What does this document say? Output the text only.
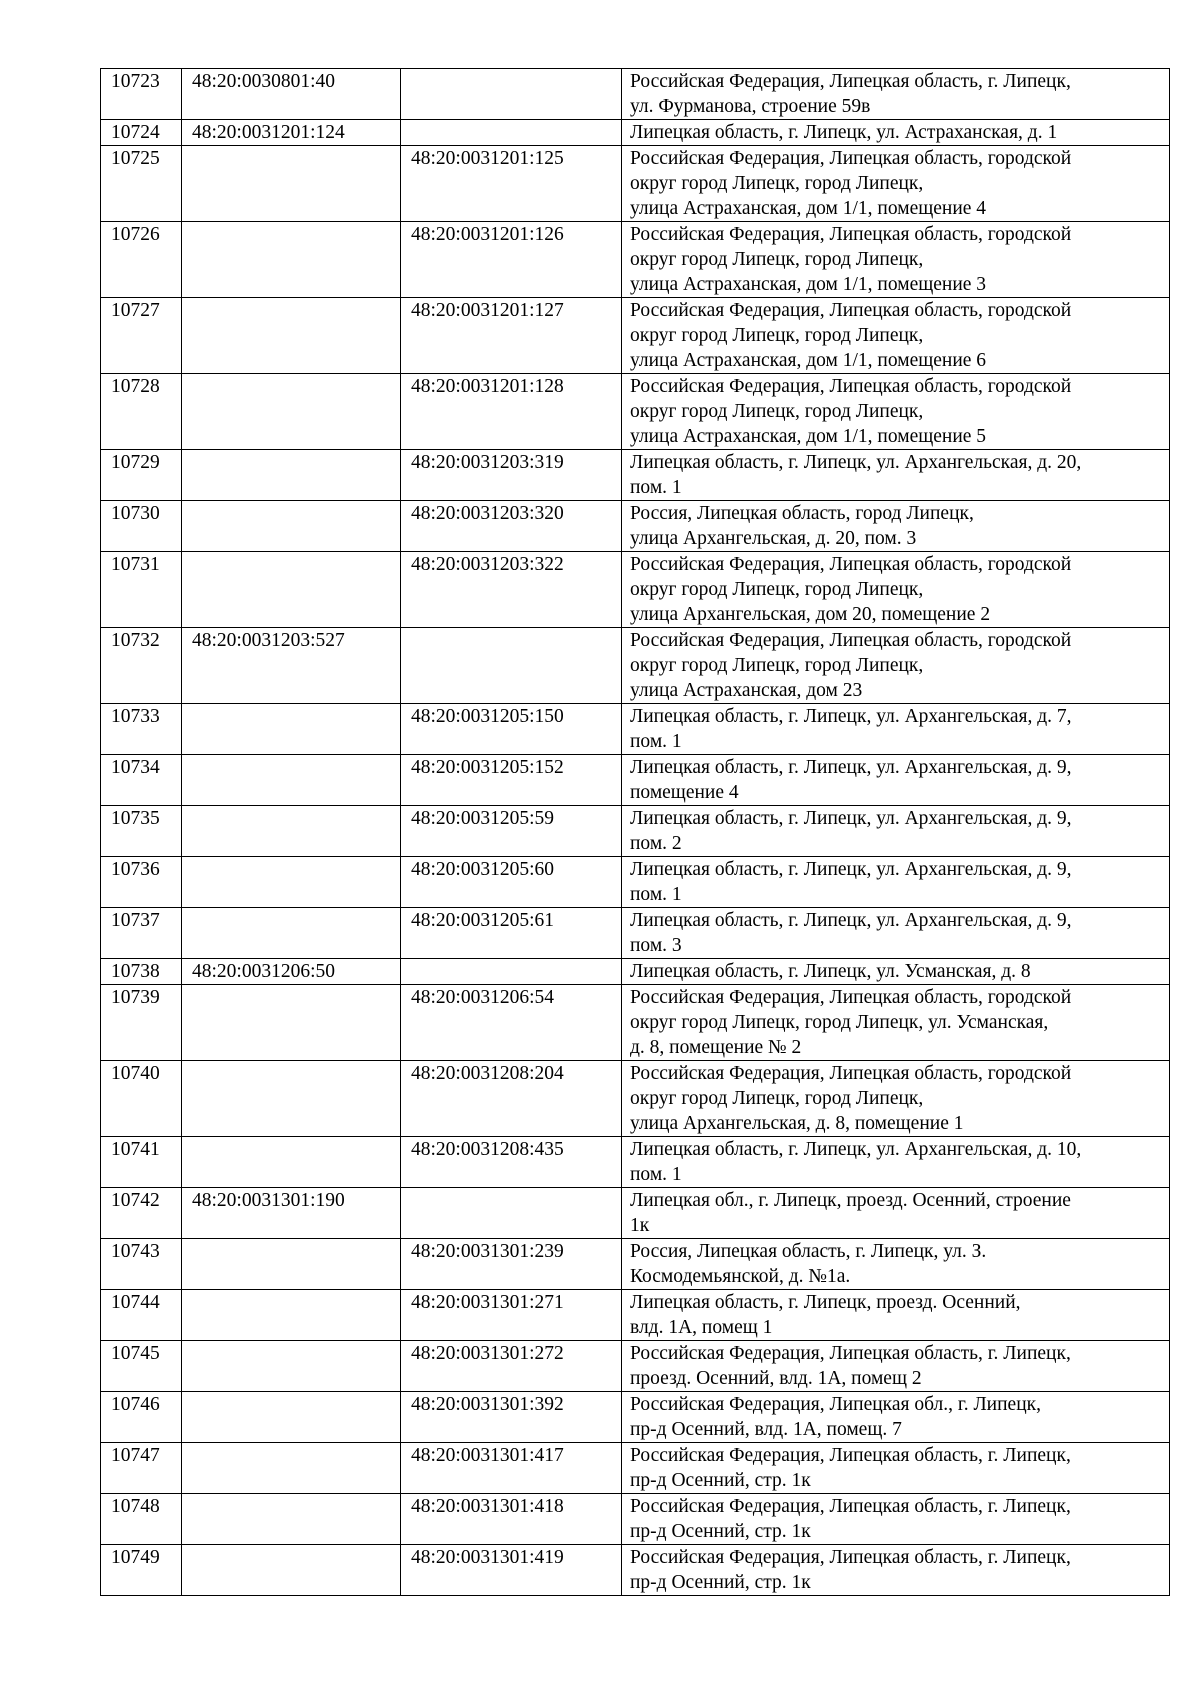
10723	48:20:0030801:40		Российская Федерация, Липецкая область, г. Липецк,
ул. Фурманова, строение 59в

10724	48:20:0031201:124		Липецкая область, г. Липецк, ул. Астраханская, д. 1

10725		48:20:0031201:125	Российская Федерация, Липецкая область, городской
округ город Липецк, город Липецк,
улица Астраханская, дом 1/1, помещение 4

10726		48:20:0031201:126	Российская Федерация, Липецкая область, городской
округ город Липецк, город Липецк,
улица Астраханская, дом 1/1, помещение 3

10727		48:20:0031201:127	Российская Федерация, Липецкая область, городской
округ город Липецк, город Липецк,
улица Астраханская, дом 1/1, помещение 6

10728		48:20:0031201:128	Российская Федерация, Липецкая область, городской
округ город Липецк, город Липецк,
улица Астраханская, дом 1/1, помещение 5

10729		48:20:0031203:319	Липецкая область, г. Липецк, ул. Архангельская, д. 20,
пом. 1

10730		48:20:0031203:320	Россия, Липецкая область, город Липецк,
улица Архангельская, д. 20, пом. 3

10731		48:20:0031203:322	Российская Федерация, Липецкая область, городской
округ город Липецк, город Липецк,
улица Архангельская, дом 20, помещение 2

10732	48:20:0031203:527		Российская Федерация, Липецкая область, городской
округ город Липецк, город Липецк,
улица Астраханская, дом 23

10733		48:20:0031205:150	Липецкая область, г. Липецк, ул. Архангельская, д. 7,
пом. 1

10734		48:20:0031205:152	Липецкая область, г. Липецк, ул. Архангельская, д. 9,
помещение 4

10735		48:20:0031205:59	Липецкая область, г. Липецк, ул. Архангельская, д. 9,
пом. 2

10736		48:20:0031205:60	Липецкая область, г. Липецк, ул. Архангельская, д. 9,
пом. 1

10737		48:20:0031205:61	Липецкая область, г. Липецк, ул. Архангельская, д. 9,
пом. 3

10738	48:20:0031206:50		Липецкая область, г. Липецк, ул. Усманская, д. 8

10739		48:20:0031206:54	Российская Федерация, Липецкая область, городской
округ город Липецк, город Липецк, ул. Усманская,
д. 8, помещение № 2

10740		48:20:0031208:204	Российская Федерация, Липецкая область, городской
округ город Липецк, город Липецк,
улица Архангельская, д. 8, помещение 1

10741		48:20:0031208:435	Липецкая область, г. Липецк, ул. Архангельская, д. 10,
пом. 1

10742	48:20:0031301:190		Липецкая обл., г. Липецк, проезд. Осенний, строение
1к

10743		48:20:0031301:239	Россия, Липецкая область, г. Липецк, ул. З.
Космодемьянской, д. №1а.

10744		48:20:0031301:271	Липецкая область, г. Липецк, проезд. Осенний,
влд. 1А, помещ 1

10745		48:20:0031301:272	Российская Федерация, Липецкая область, г. Липецк,
проезд. Осенний, влд. 1А, помещ 2

10746		48:20:0031301:392	Российская Федерация, Липецкая обл., г. Липецк,
пр-д Осенний, влд. 1А, помещ. 7

10747		48:20:0031301:417	Российская Федерация, Липецкая область, г. Липецк,
пр-д Осенний, стр. 1к

10748		48:20:0031301:418	Российская Федерация, Липецкая область, г. Липецк,
пр-д Осенний, стр. 1к

10749		48:20:0031301:419	Российская Федерация, Липецкая область, г. Липецк,
пр-д Осенний, стр. 1к
